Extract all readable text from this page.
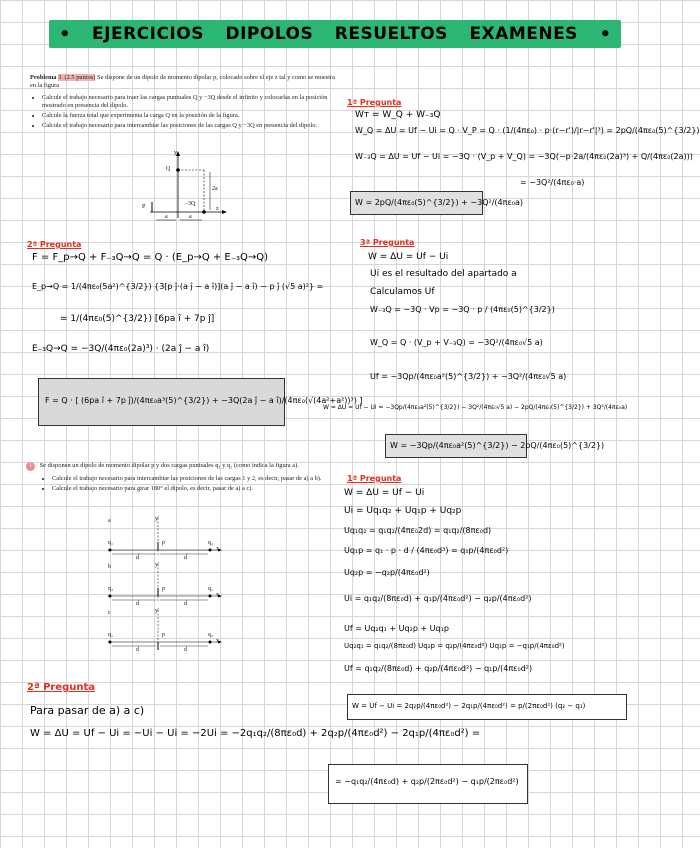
• EJERCICIOS DIPOLOS RESUELTOS EXAMENES •

Problema 3. (2.5 puntos) Se dispone de un dipolo de momento dipolar p, colocado sobre el eje z tal y como se muestra en la figura

• Calcule el trabajo necesario para traer las cargas puntuales Q y −3Q desde el infinito y colocarlas en la posición mostrado en presencia del dipolo.
• Calcule la fuerza total que experimenta la carga Q en la posición de la figura.
• Calcule el trabajo necesario para intercambiar las posiciones de las cargas Q y −3Q en presencia del dipolo.
y
z
Q
-3Q
P
a	a
2a
1ª Pregunta
Wᴛ = W_Q + W₋₃Q
W_Q = ΔU = Uf − Ui = Q · V_P = Q · (1/(4πε₀) · p·(r−r')/|r−r'|³) = 2pQ/(4πε₀(5)^{3/2})
W₋₃Q = ΔU = Uf − Ui = −3Q · (V_p + V_Q) = −3Q(−p·2a/(4πε₀(2a)³) + Q/(4πε₀(2a)))
= −3Q²/(4πε₀·a)
W = 2pQ/(4πε₀(5)^{3/2}) + −3Q²/(4πε₀a)
2ª Pregunta
F = F_p→Q + F₋₃Q→Q = Q · (E_p→Q + E₋₃Q→Q)
E_p→Q = 1/(4πε₀(5a²)^{3/2}) {3[p ĵ·(a ĵ − a î)](a ĵ − a î) − p ĵ (√5 a)²} =
= 1/(4πε₀(5)^{3/2}) [6pa î + 7p ĵ]
E₋₃Q→Q = −3Q/(4πε₀(2a)³) · (2a ĵ − a î)
F = Q · [ (6pa î + 7p ĵ)/(4πε₀a³(5)^{3/2}) + −3Q(2a ĵ − a î)/(4πε₀(√(4a²+a²))³) ]
3ª Pregunta
W = ΔU = Uf − Ui
Ui es el resultado del apartado a
Calculamos Uf
W₋₃Q = −3Q · Vp = −3Q · p / (4πε₀(5)^{3/2})
W_Q = Q · (V_p + V₋₃Q) = −3Q²/(4πε₀√5 a)
Uf = −3Qp/(4πε₀a²(5)^{3/2}) + −3Q²/(4πε₀√5 a)
W = ΔU = Uf − Ui = −3Qp/(4πε₀a²(5)^{3/2}) − 3Q²/(4πε₀√5 a) − 2pQ/(4πε₀(5)^{3/2}) + 3Q²/(4πε₀a)
W = −3Qp/(4πε₀a²(5)^{3/2}) − 2pQ/(4πε₀(5)^{3/2})

1 Se disponen un dipolo de momento dipolar p y dos cargas puntuales q₁ y q₂ (como indica la figura a).

• Calcule el trabajo necesario para intercambiar las posiciones de las cargas 1 y 2, es decir, pasar de a) a b).
• Calcule el trabajo necesario para girar 180° el dipolo, es decir, pasar de a) a c).
a
q₁	p	q₂
y'
x
d	d
b
q₂	p	q₁
y'
x
d	d
c
q₁	p	q₂
y'
x
d	d
1ª Pregunta
W = ΔU = Uf − Ui
Ui = Uq₁q₂ + Uq₁p + Uq₂p
Uq₁q₂ = q₁q₂/(4πε₀2d) = q₁q₂/(8πε₀d)
Uq₁p = q₁ · p · d / (4πε₀d³) = q₁p/(4πε₀d²)
Uq₂p = −q₂p/(4πε₀d²)
Ui = q₁q₂/(8πε₀d) + q₁p/(4πε₀d²) − q₂p/(4πε₀d²)
Uf = Uq₂q₁ + Uq₂p + Uq₁p
Uq₂q₁ = q₁q₂/(8πε₀d) Uq₂p = q₂p/(4πε₀d²) Uq₁p = −q₁p/(4πε₀d²)
Uf = q₁q₂/(8πε₀d) + q₂p/(4πε₀d²) − q₁p/(4πε₀d²)
W = Uf − Ui = 2q₂p/(4πε₀d²) − 2q₁p/(4πε₀d²) = p/(2πε₀d²) (q₂ − q₁)
2ª Pregunta
Para pasar de a) a c)
W = ΔU = Uf − Ui = −Ui − Ui = −2Ui = −2q₁q₂/(8πε₀d) + 2q₂p/(4πε₀d²) − 2q₁p/(4πε₀d²) =
= −q₁q₂/(4πε₀d) + q₂p/(2πε₀d²) − q₁p/(2πε₀d²)
